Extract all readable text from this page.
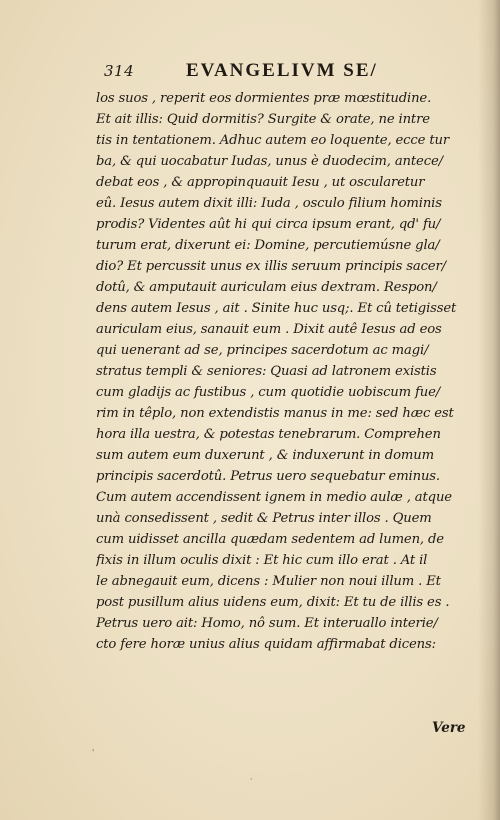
314	EVANGELIVM SE/
los suos , reperit eos dormientes præ mœstitudine.
Et ait illis: Quid dormitis? Surgite & orate, ne intre
tis in tentationem. Adhuc autem eo loquente, ecce tur
ba, & qui uocabatur Iudas, unus è duodecim, antece/
debat eos , & appropinquauit Iesu , ut oscularetur
eû. Iesus autem dixit illi: Iuda , osculo filium hominis
prodis? Videntes aût hi qui circa ipsum erant, qd' fu/
turum erat, dixerunt ei: Domine, percutiemúsne gla/
dio? Et percussit unus ex illis seruum principis sacer/
dotû, & amputauit auriculam eius dextram. Respon/
dens autem Iesus , ait . Sinite huc usq;. Et cû tetigisset
auriculam eius, sanauit eum . Dixit autê Iesus ad eos
qui uenerant ad se, principes sacerdotum ac magi/
stratus templi & seniores: Quasi ad latronem existis
cum gladijs ac fustibus , cum quotidie uobiscum fue/
rim in têplo, non extendistis manus in me: sed hæc est
hora illa uestra, & potestas tenebrarum. Comprehen
sum autem eum duxerunt , & induxerunt in domum
principis sacerdotû. Petrus uero sequebatur eminus.
Cum autem accendissent ignem in medio aulæ , atque
unà consedissent , sedit & Petrus inter illos . Quem
cum uidisset ancilla quædam sedentem ad lumen, de
fixis in illum oculis dixit : Et hic cum illo erat . At il
le abnegauit eum, dicens : Mulier non noui illum . Et
post pusillum alius uidens eum, dixit: Et tu de illis es .
Petrus uero ait: Homo, nô sum. Et interuallo interie/
cto fere horæ unius alius quidam affirmabat dicens:
Vere
'
·
